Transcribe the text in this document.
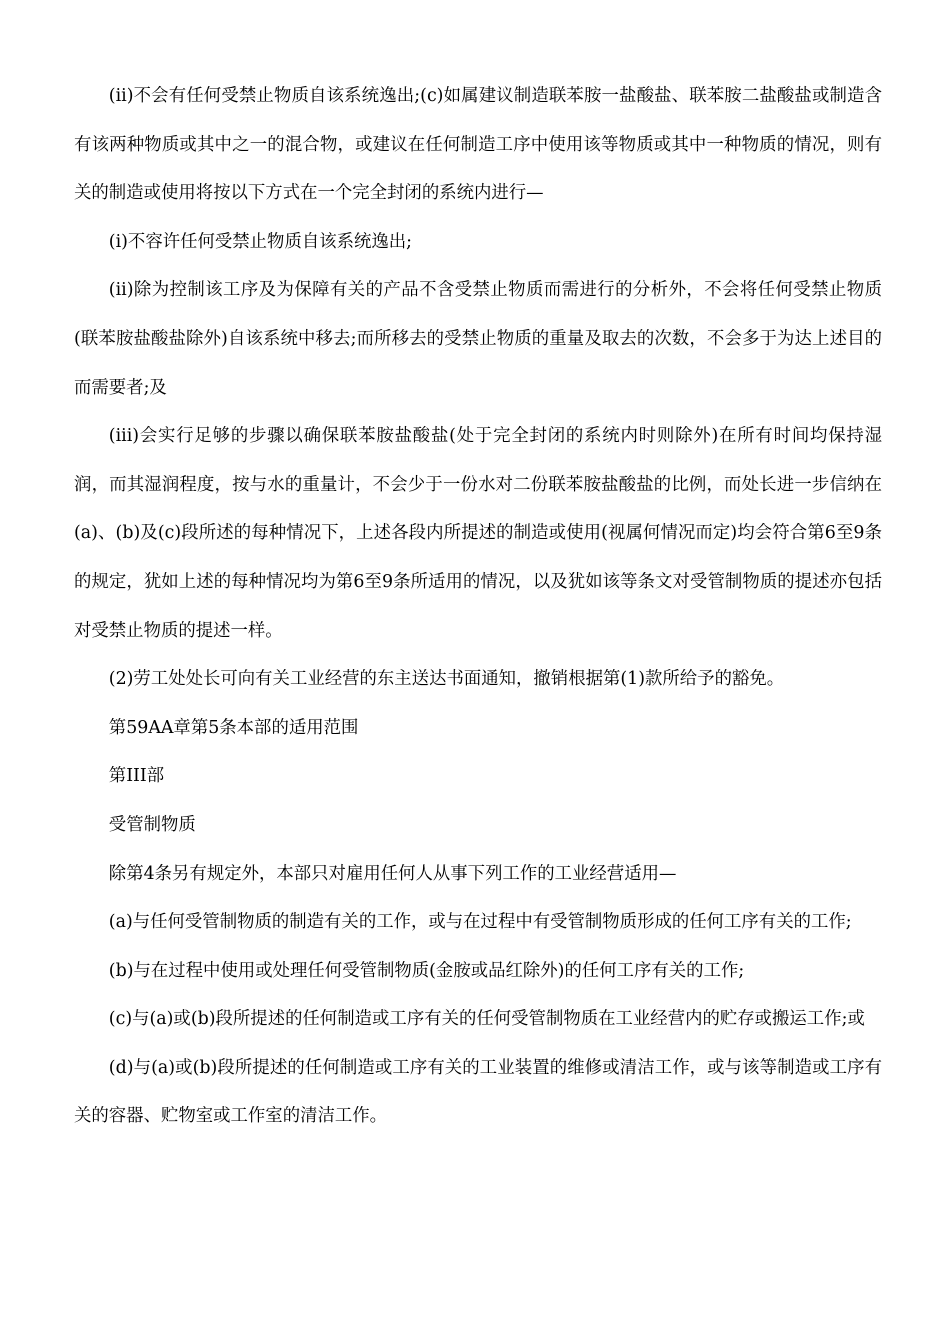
(ii)不会有任何受禁止物质自该系统逸出;(c)如属建议制造联苯胺一盐酸盐、联苯胺二盐酸盐或制造含有该两种物质或其中之一的混合物，或建议在任何制造工序中使用该等物质或其中一种物质的情况，则有关的制造或使用将按以下方式在一个完全封闭的系统内进行—

(i)不容许任何受禁止物质自该系统逸出;

(ii)除为控制该工序及为保障有关的产品不含受禁止物质而需进行的分析外，不会将任何受禁止物质(联苯胺盐酸盐除外)自该系统中移去;而所移去的受禁止物质的重量及取去的次数，不会多于为达上述目的而需要者;及

(iii)会实行足够的步骤以确保联苯胺盐酸盐(处于完全封闭的系统内时则除外)在所有时间均保持湿润，而其湿润程度，按与水的重量计，不会少于一份水对二份联苯胺盐酸盐的比例，而处长进一步信纳在(a)、(b)及(c)段所述的每种情况下，上述各段内所提述的制造或使用(视属何情况而定)均会符合第6至9条的规定，犹如上述的每种情况均为第6至9条所适用的情况，以及犹如该等条文对受管制物质的提述亦包括对受禁止物质的提述一样。

(2)劳工处处长可向有关工业经营的东主送达书面通知，撤销根据第(1)款所给予的豁免。

第59AA章第5条本部的适用范围

第III部

受管制物质

除第4条另有规定外，本部只对雇用任何人从事下列工作的工业经营适用—

(a)与任何受管制物质的制造有关的工作，或与在过程中有受管制物质形成的任何工序有关的工作;

(b)与在过程中使用或处理任何受管制物质(金胺或品红除外)的任何工序有关的工作;

(c)与(a)或(b)段所提述的任何制造或工序有关的任何受管制物质在工业经营内的贮存或搬运工作;或

(d)与(a)或(b)段所提述的任何制造或工序有关的工业装置的维修或清洁工作，或与该等制造或工序有关的容器、贮物室或工作室的清洁工作。
